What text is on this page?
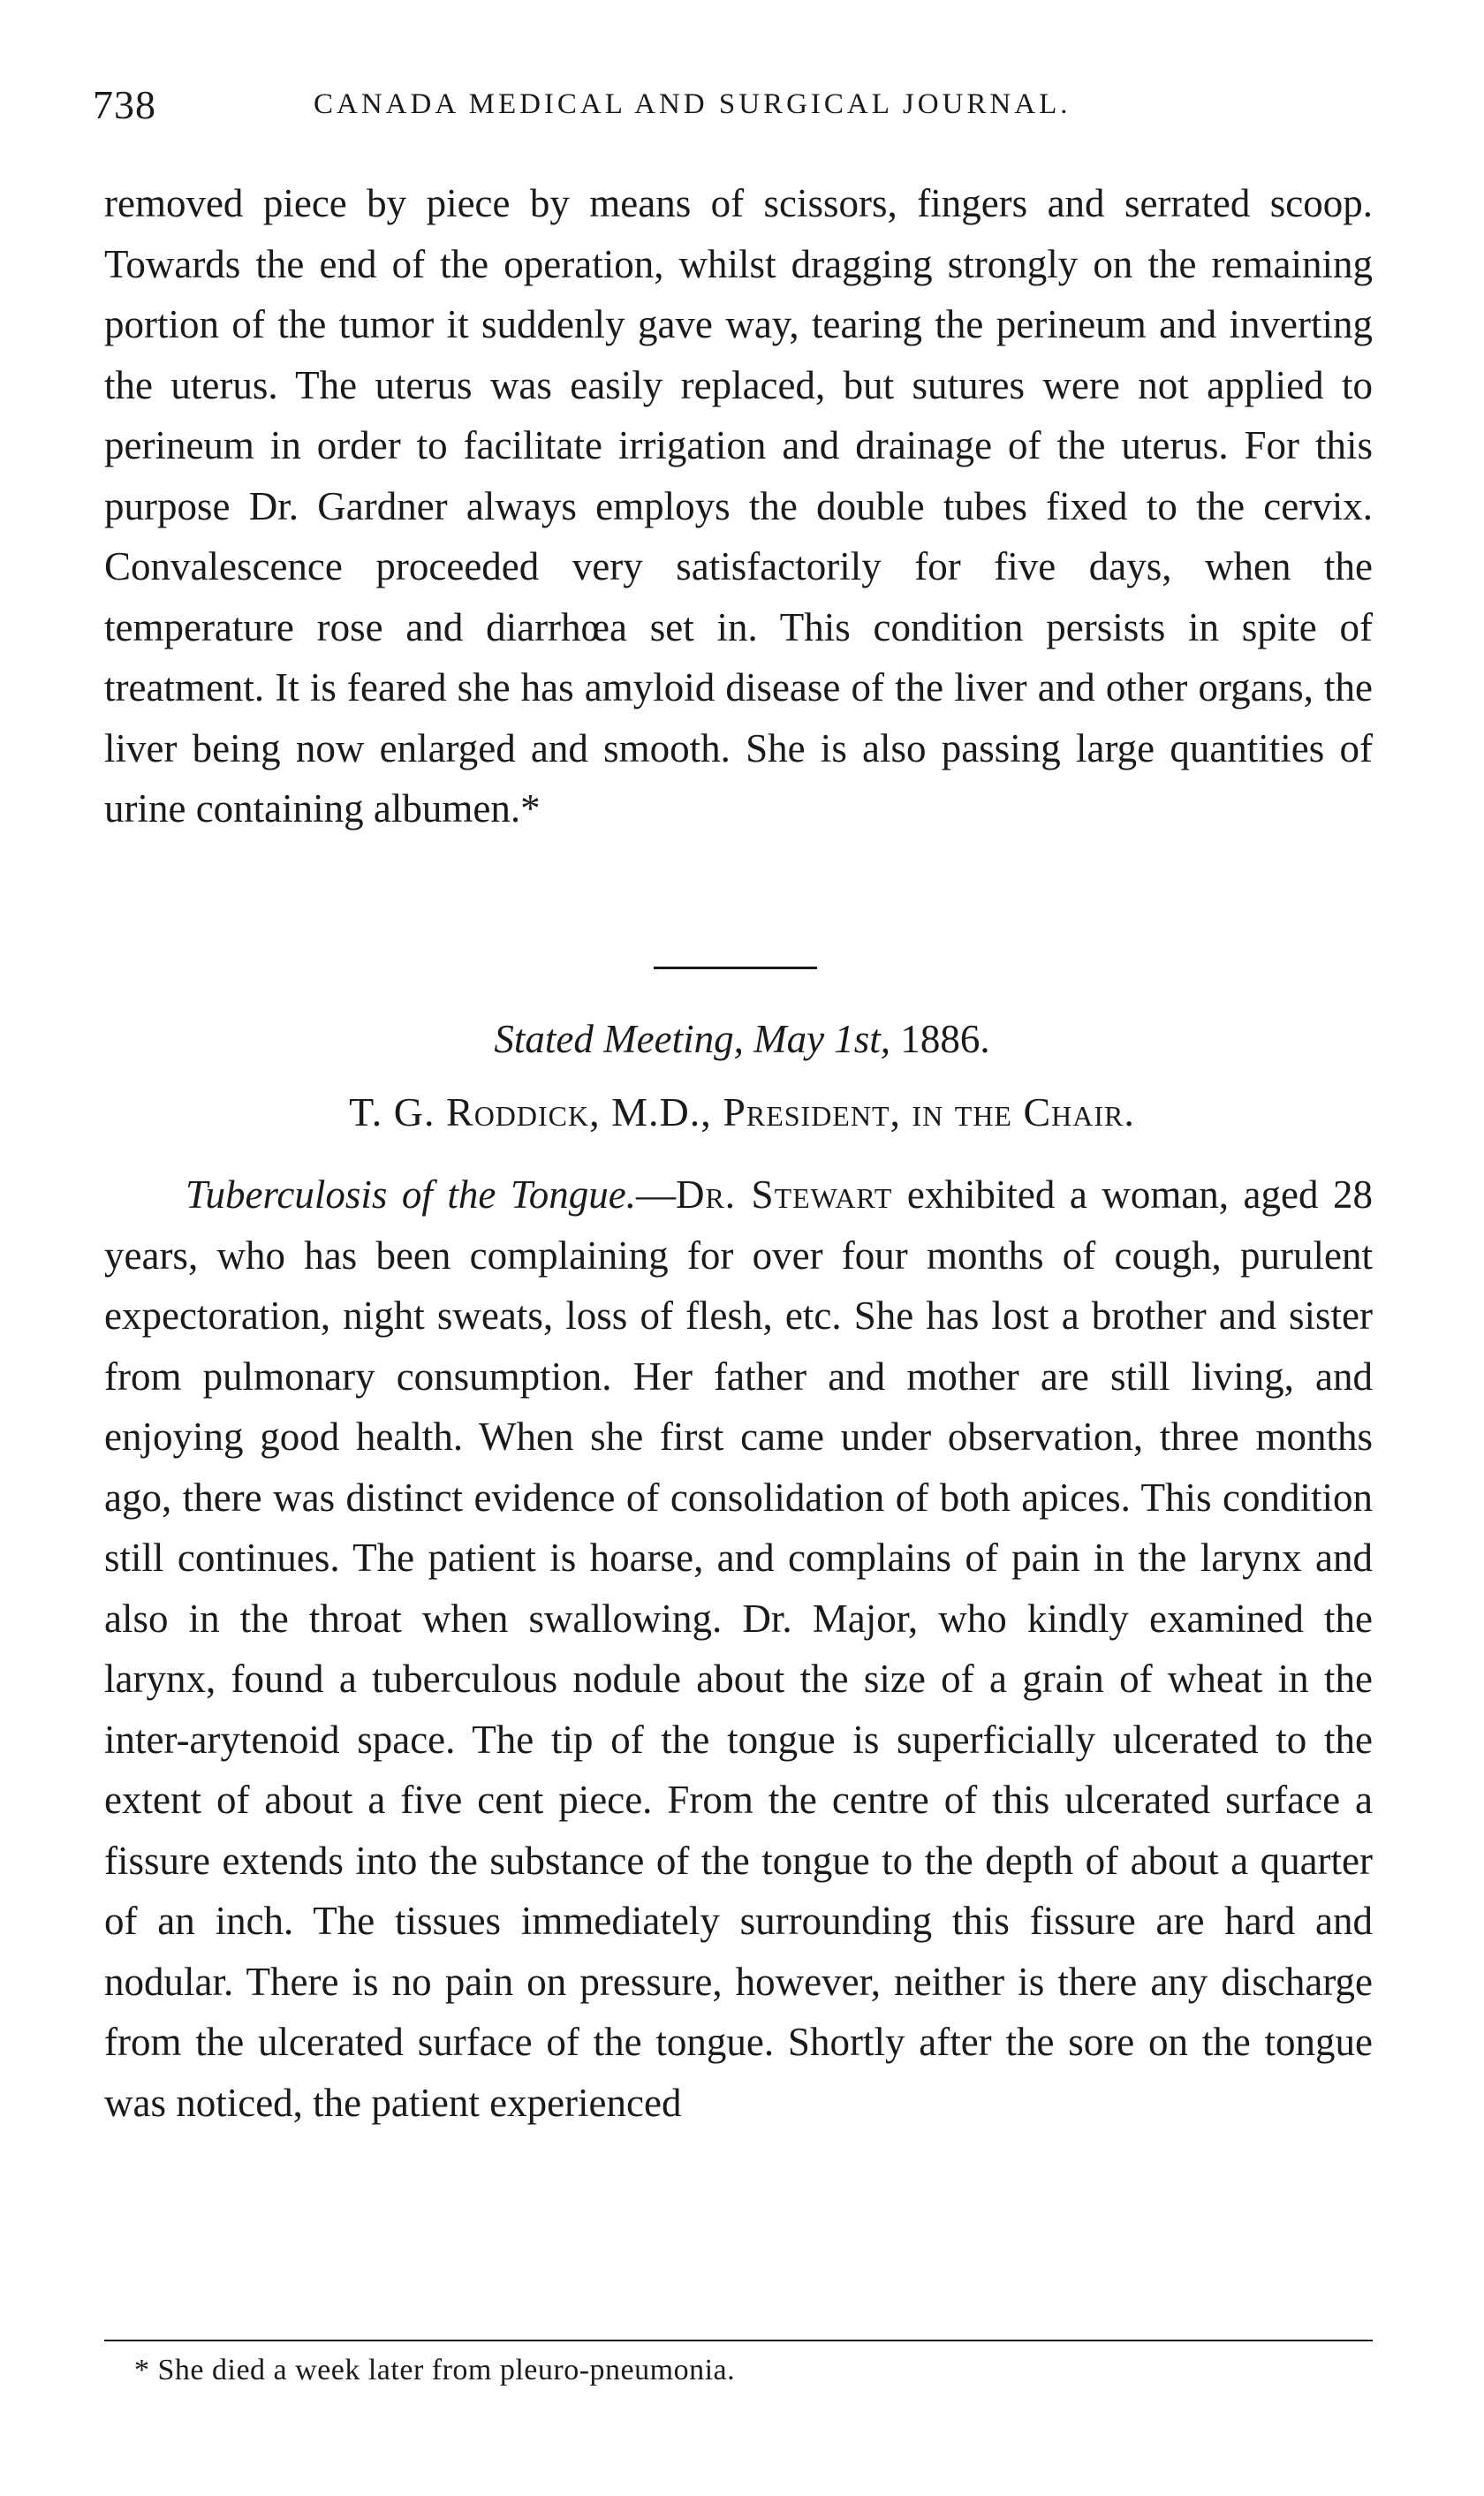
738	CANADA MEDICAL AND SURGICAL JOURNAL.

removed piece by piece by means of scissors, fingers and serrated scoop. Towards the end of the operation, whilst dragging strongly on the remaining portion of the tumor it suddenly gave way, tearing the perineum and inverting the uterus. The uterus was easily replaced, but sutures were not applied to perineum in order to facilitate irrigation and drainage of the uterus. For this purpose Dr. Gardner always employs the double tubes fixed to the cervix. Convalescence proceeded very satisfactorily for five days, when the temperature rose and diarrhœa set in. This condition persists in spite of treatment. It is feared she has amyloid disease of the liver and other organs, the liver being now enlarged and smooth. She is also passing large quantities of urine containing albumen.*

Stated Meeting, May 1st, 1886.
T. G. Roddick, M.D., President, in the Chair.

Tuberculosis of the Tongue.—Dr. Stewart exhibited a woman, aged 28 years, who has been complaining for over four months of cough, purulent expectoration, night sweats, loss of flesh, etc. She has lost a brother and sister from pulmonary consumption. Her father and mother are still living, and enjoying good health. When she first came under observation, three months ago, there was distinct evidence of consolidation of both apices. This condition still continues. The patient is hoarse, and complains of pain in the larynx and also in the throat when swallowing. Dr. Major, who kindly examined the larynx, found a tuberculous nodule about the size of a grain of wheat in the inter-arytenoid space. The tip of the tongue is superficially ulcerated to the extent of about a five cent piece. From the centre of this ulcerated surface a fissure extends into the substance of the tongue to the depth of about a quarter of an inch. The tissues immediately surrounding this fissure are hard and nodular. There is no pain on pressure, however, neither is there any discharge from the ulcerated surface of the tongue. Shortly after the sore on the tongue was noticed, the patient experienced

* She died a week later from pleuro-pneumonia.
